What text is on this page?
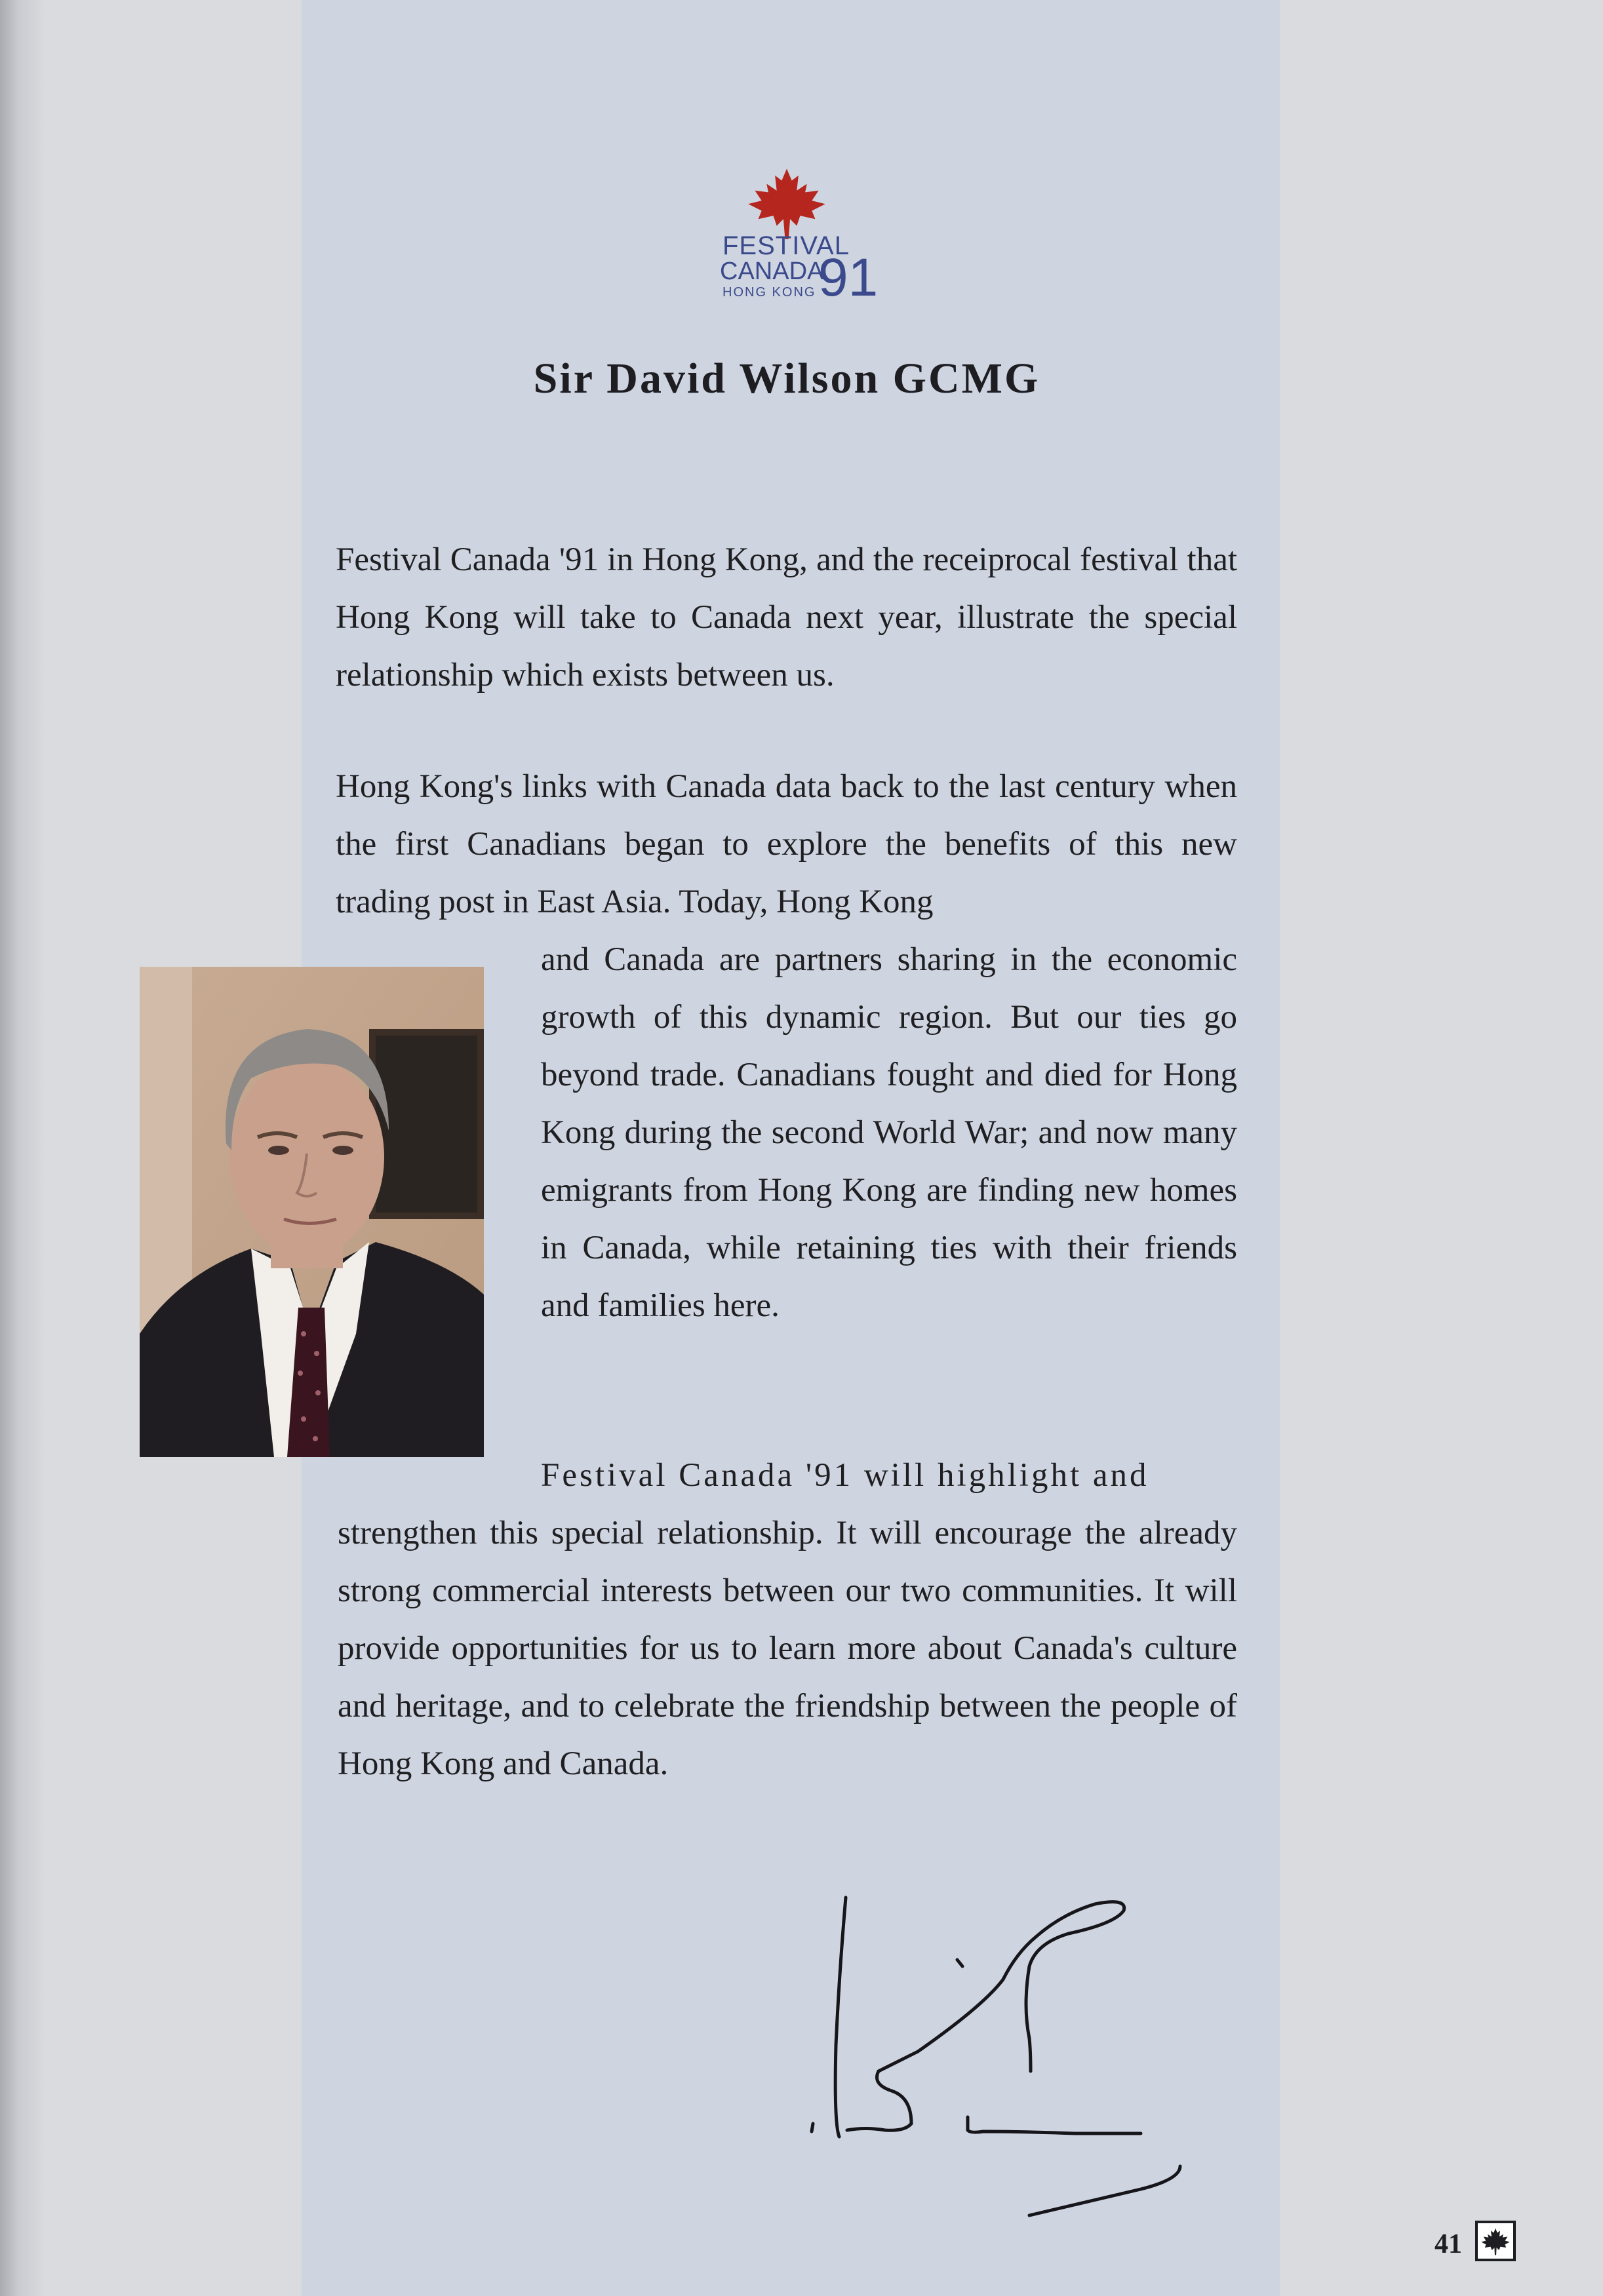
FESTIVAL
CANADA
91
HONG KONG
Sir David Wilson GCMG
Festival Canada '91 in Hong Kong, and the receiprocal festival that Hong Kong will take to Canada next year, illustrate the special relationship which exists between us.
Hong Kong's links with Canada data back to the last century when the first Canadians began to explore the benefits of this new trading post in East Asia. Today, Hong Kong
and Canada are partners sharing in the economic growth of this dynamic region. But our ties go beyond trade. Canadians fought and died for Hong Kong during the second World War; and now many emigrants from Hong Kong are finding new homes in Canada, while retaining ties with their friends and families here.
Festival Canada '91 will highlight and
strengthen this special relationship. It will encourage the already strong commercial interests between our two communities. It will provide opportunities for us to learn more about Canada's culture and heritage, and to celebrate the friendship between the people of Hong Kong and Canada.
41
